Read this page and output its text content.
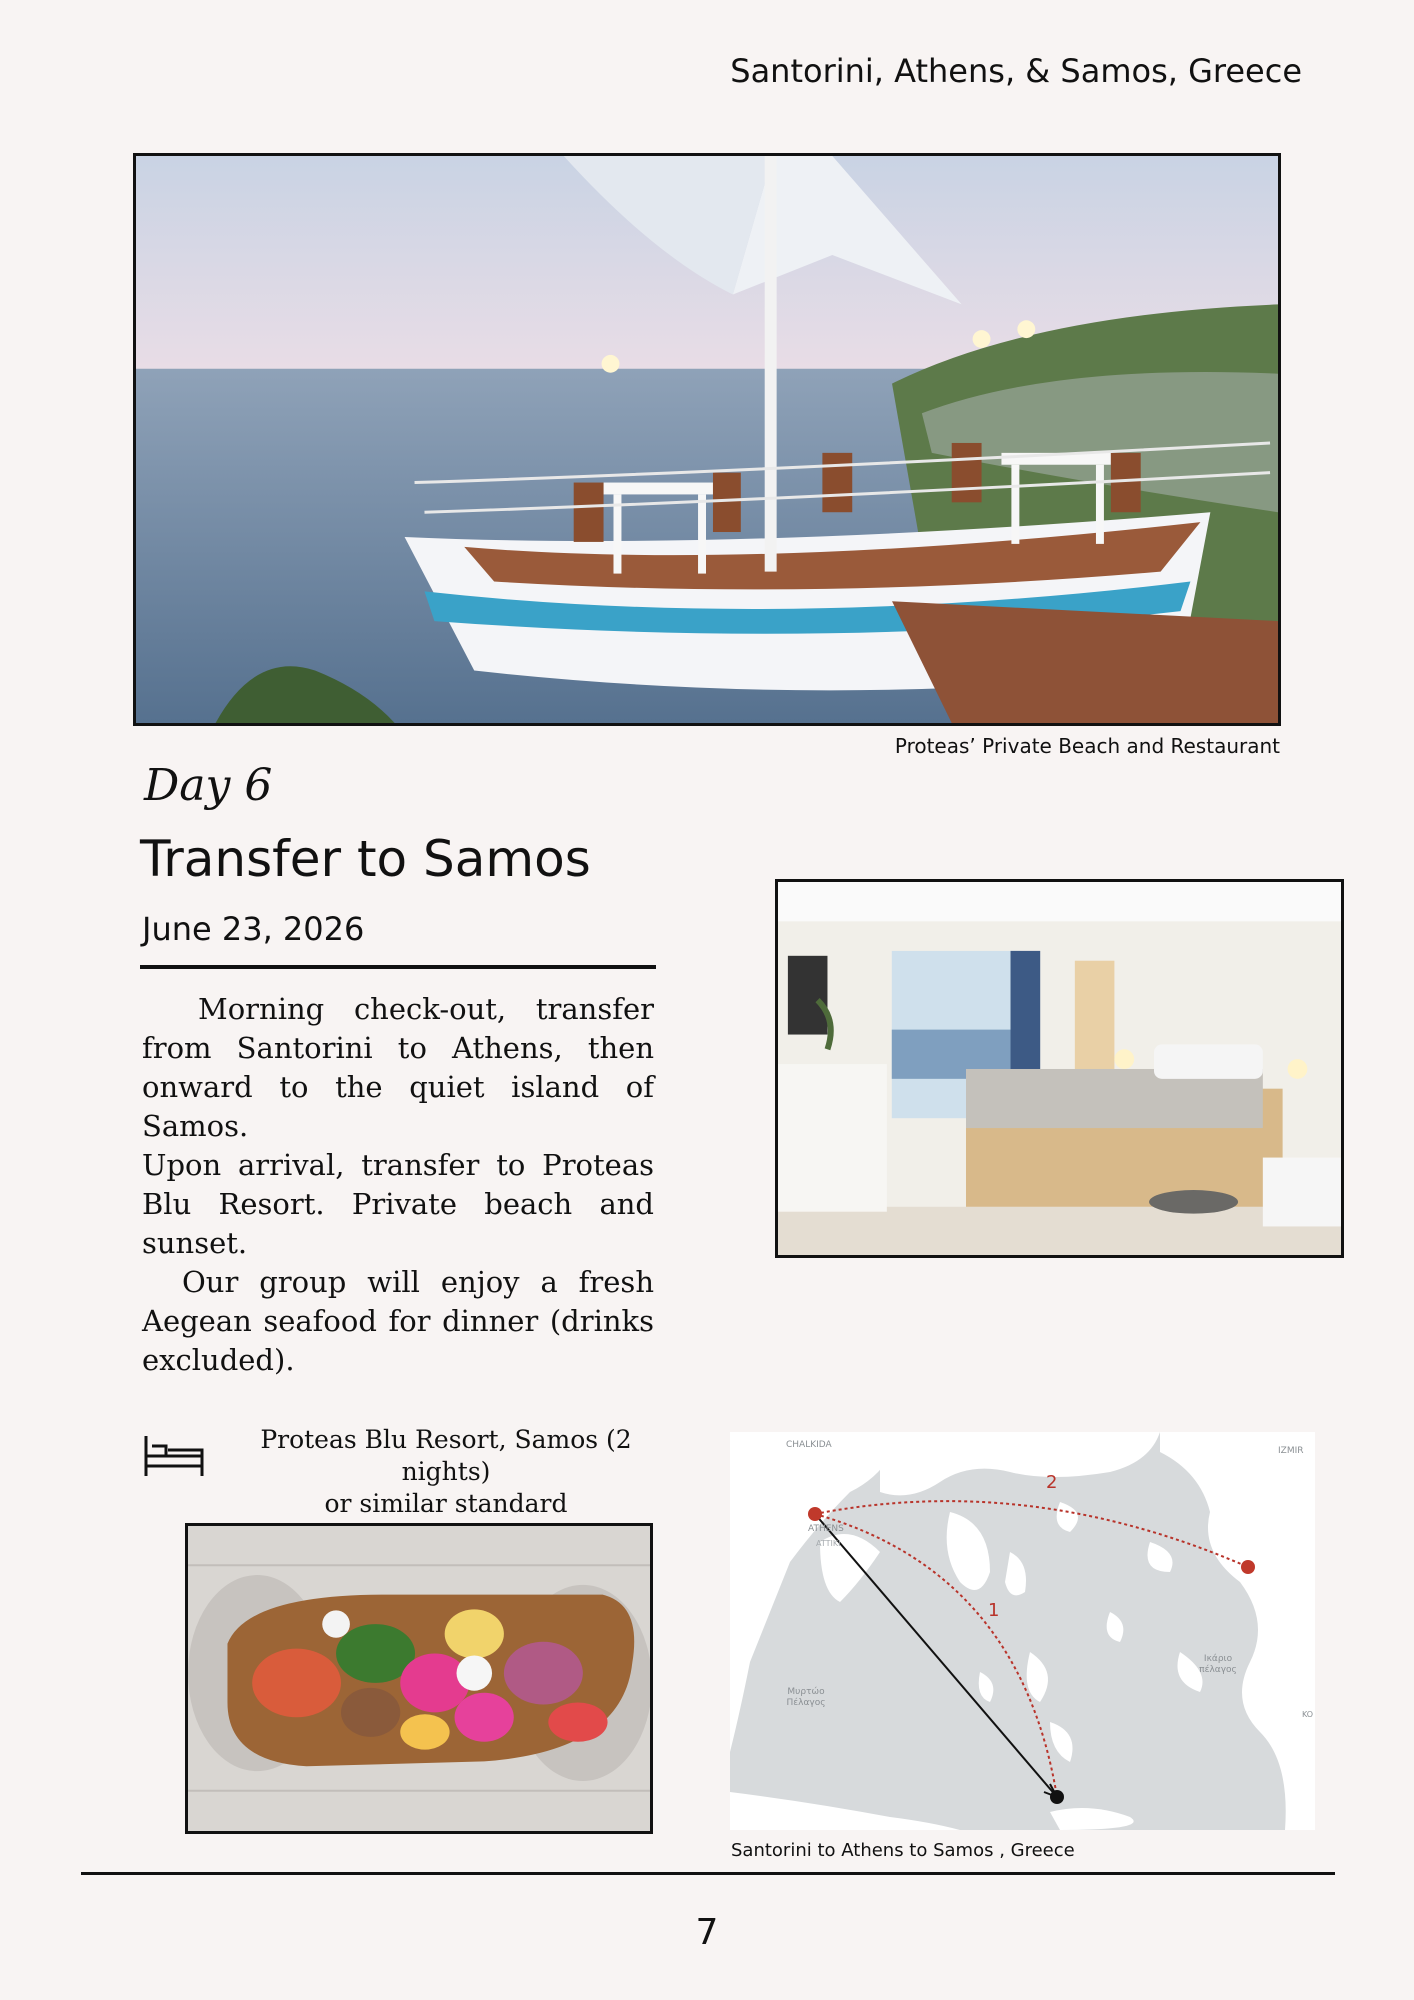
Santorini, Athens, & Samos, Greece
Proteas’ Private Beach and Restaurant
Day 6
Transfer to Samos
June 23, 2026

Morning check-out, transfer from Santorini to Athens, then onward to the quiet island of Samos.

Upon arrival, transfer to Proteas Blu Resort. Private beach and sunset.

Our group will enjoy a fresh Aegean seafood for dinner (drinks excluded).

Proteas Blu Resort, Samos (2 nights)
or similar standard
CHALKIDA
IZMIR
ATHENS
ATTIKI
Μυρτώο Πέλαγος
Ικάριο πέλαγος
KO
1
2
Santorini to Athens to Samos , Greece
7
